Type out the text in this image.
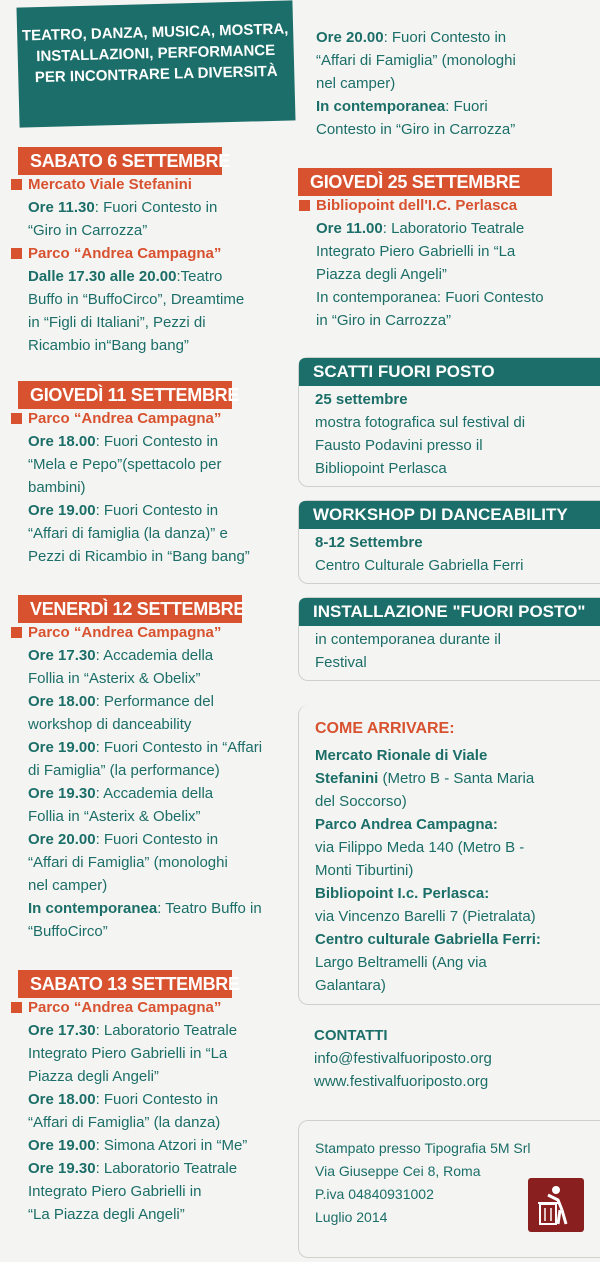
TEATRO, DANZA, MUSICA, MOSTRA,
INSTALLAZIONI, PERFORMANCE
PER INCONTRARE LA DIVERSITÀ
SABATO 6 SETTEMBRE
Mercato Viale Stefanini
Ore 11.30: Fuori Contesto in
“Giro in Carrozza”
Parco “Andrea Campagna”
Dalle 17.30 alle 20.00:Teatro
Buffo in “BuffoCirco”, Dreamtime
in “Figli di Italiani”, Pezzi di
Ricambio in“Bang bang”
GIOVEDÌ 11 SETTEMBRE
Parco “Andrea Campagna”
Ore 18.00: Fuori Contesto in
“Mela e Pepo”(spettacolo per
bambini)
Ore 19.00: Fuori Contesto in
“Affari di famiglia (la danza)” e
Pezzi di Ricambio in “Bang bang”
VENERDÌ 12 SETTEMBRE
Parco “Andrea Campagna”
Ore 17.30: Accademia della
Follia in “Asterix & Obelix”
Ore 18.00: Performance del
workshop di danceability
Ore 19.00: Fuori Contesto in “Affari
di Famiglia” (la performance)
Ore 19.30: Accademia della
Follia in “Asterix & Obelix”
Ore 20.00: Fuori Contesto in
“Affari di Famiglia” (monologhi
nel camper)
In contemporanea: Teatro Buffo in
“BuffoCirco”
SABATO 13 SETTEMBRE
Parco “Andrea Campagna”
Ore 17.30: Laboratorio Teatrale
Integrato Piero Gabrielli in “La
Piazza degli Angeli”
Ore 18.00: Fuori Contesto in
“Affari di Famiglia” (la danza)
Ore 19.00: Simona Atzori in “Me”
Ore 19.30: Laboratorio Teatrale
Integrato Piero Gabrielli in
“La Piazza degli Angeli”
Ore 20.00: Fuori Contesto in
“Affari di Famiglia” (monologhi
nel camper)
In contemporanea: Fuori
Contesto in “Giro in Carrozza”
GIOVEDÌ 25 SETTEMBRE
Bibliopoint dell'I.C. Perlasca
Ore 11.00: Laboratorio Teatrale
Integrato Piero Gabrielli in “La
Piazza degli Angeli”
In contemporanea: Fuori Contesto
in “Giro in Carrozza”
SCATTI FUORI POSTO
25 settembre
mostra fotografica sul festival di
Fausto Podavini presso il
Bibliopoint Perlasca
WORKSHOP DI DANCEABILITY
8-12 Settembre
Centro Culturale Gabriella Ferri
INSTALLAZIONE "FUORI POSTO"
in contemporanea durante il
Festival
COME ARRIVARE:
Mercato Rionale di Viale
Stefanini (Metro B - Santa Maria
del Soccorso)
Parco Andrea Campagna:
via Filippo Meda 140 (Metro B -
Monti Tiburtini)
Bibliopoint I.c. Perlasca:
via Vincenzo Barelli 7 (Pietralata)
Centro culturale Gabriella Ferri:
Largo Beltramelli (Ang via
Galantara)
CONTATTI
info@festivalfuoriposto.org
www.festivalfuoriposto.org
Stampato presso Tipografia 5M Srl
Via Giuseppe Cei 8, Roma
P.iva 04840931002
Luglio 2014
